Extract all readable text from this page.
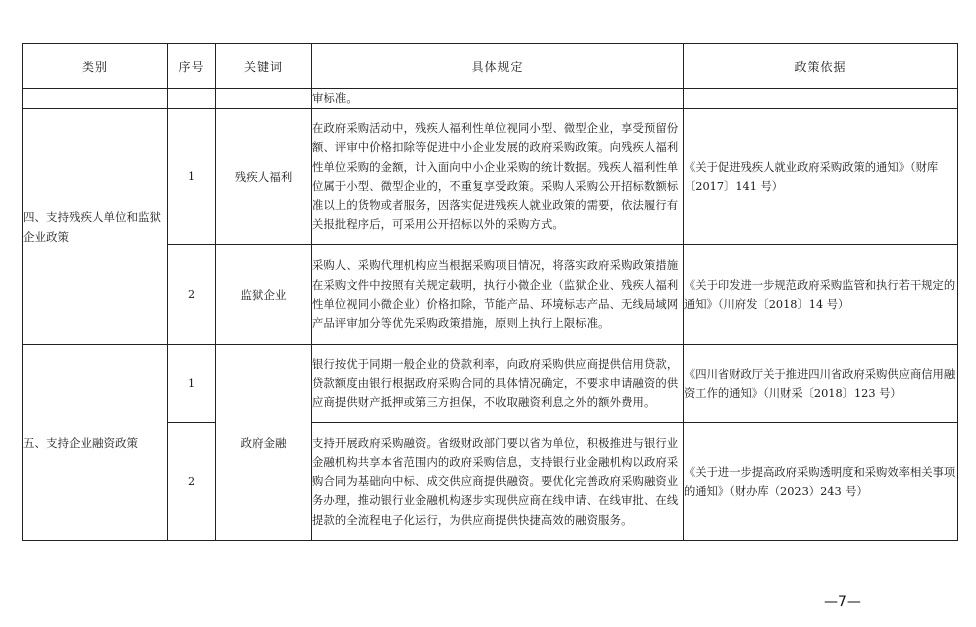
类别	序号	关键词	具体规定	政策依据
			审标准。	
四、支持残疾人单位和监狱企业政策	1	残疾人福利	在政府采购活动中，残疾人福利性单位视同小型、微型企业，享受预留份额、评审中价格扣除等促进中小企业发展的政府采购政策。向残疾人福利性单位采购的金额，计入面向中小企业采购的统计数据。残疾人福利性单位属于小型、微型企业的，不重复享受政策。采购人采购公开招标数额标准以上的货物或者服务，因落实促进残疾人就业政策的需要，依法履行有关报批程序后，可采用公开招标以外的采购方式。	《关于促进残疾人就业政府采购政策的通知》（财库〔2017〕141 号）
	2	监狱企业	采购人、采购代理机构应当根据采购项目情况，将落实政府采购政策措施在采购文件中按照有关规定载明，执行小微企业（监狱企业、残疾人福利性单位视同小微企业）价格扣除，节能产品、环境标志产品、无线局域网产品评审加分等优先采购政策措施，原则上执行上限标准。	《关于印发进一步规范政府采购监管和执行若干规定的通知》（川府发〔2018〕14 号）
五、支持企业融资政策	1	政府金融	银行按优于同期一般企业的贷款利率，向政府采购供应商提供信用贷款，贷款额度由银行根据政府采购合同的具体情况确定，不要求申请融资的供应商提供财产抵押或第三方担保，不收取融资利息之外的额外费用。	《四川省财政厅关于推进四川省政府采购供应商信用融资工作的通知》（川财采〔2018〕123 号）
	2		支持开展政府采购融资。省级财政部门要以省为单位，积极推进与银行业金融机构共享本省范围内的政府采购信息，支持银行业金融机构以政府采购合同为基础向中标、成交供应商提供融资。要优化完善政府采购融资业务办理，推动银行业金融机构逐步实现供应商在线申请、在线审批、在线提款的全流程电子化运行，为供应商提供快捷高效的融资服务。	《关于进一步提高政府采购透明度和采购效率相关事项的通知》（财办库（2023）243 号）
—7—
